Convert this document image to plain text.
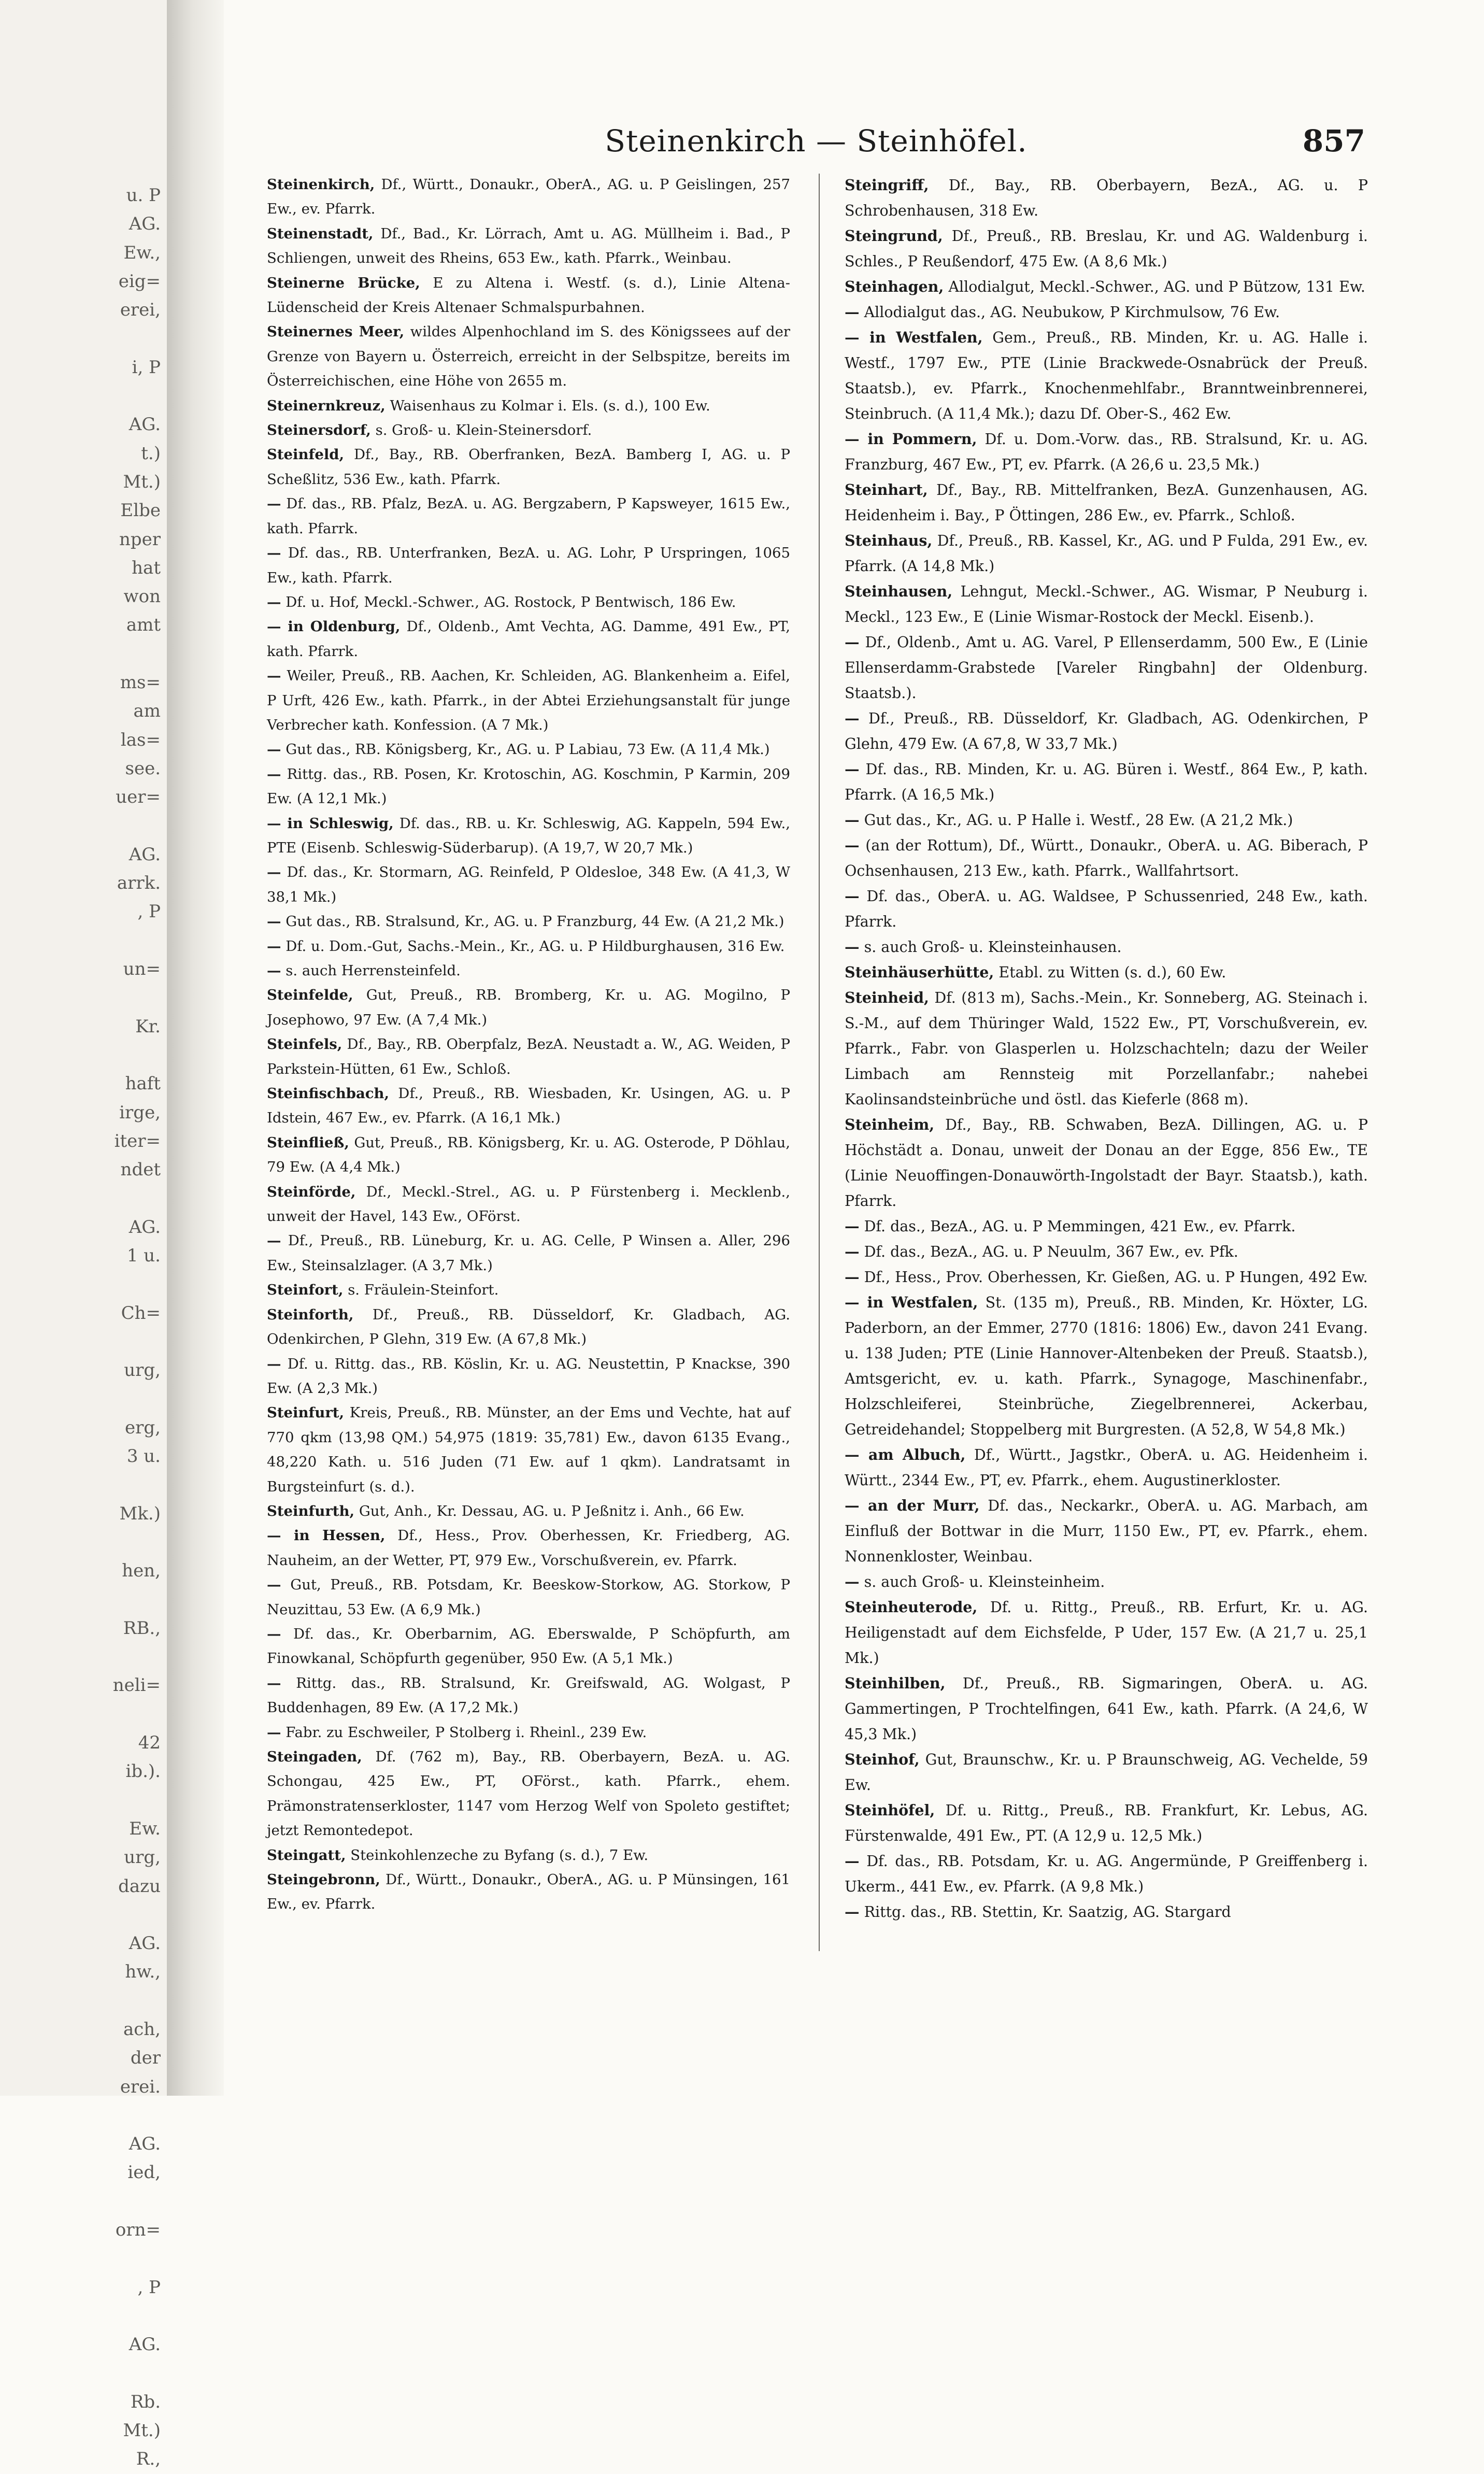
u. P
AG.
Ew.,
eig=
erei,
i, P
AG.
t.)
Mt.)
Elbe
nper
hat
won
amt
ms=
am
las=
see.
uer=
AG.
arrk.
, P
un=
Kr.
haft
irge,
iter=
ndet
AG.
1 u.
Ch=
urg,
erg,
3 u.
Mk.)
hen,
RB.,
neli=
42
ib.).
Ew.
urg,
dazu
AG.
hw.,
ach,
der
erei.
AG.
ied,
orn=
, P
AG.
Rb.
Mt.)
R.,
Steinenkirch — Steinhöfel.	857

Steinenkirch, Df., Württ., Donaukr., OberA., AG. u. P Geislingen, 257 Ew., ev. Pfarrk.

Steinenstadt, Df., Bad., Kr. Lörrach, Amt u. AG. Müllheim i. Bad., P Schliengen, unweit des Rheins, 653 Ew., kath. Pfarrk., Weinbau.

Steinerne Brücke, E zu Altena i. Westf. (s. d.), Linie Altena-Lüdenscheid der Kreis Altenaer Schmalspurbahnen.

Steinernes Meer, wildes Alpenhochland im S. des Königssees auf der Grenze von Bayern u. Österreich, erreicht in der Selbspitze, bereits im Österreichischen, eine Höhe von 2655 m.

Steinernkreuz, Waisenhaus zu Kolmar i. Els. (s. d.), 100 Ew.

Steinersdorf, s. Groß- u. Klein-Steinersdorf.

Steinfeld, Df., Bay., RB. Oberfranken, BezA. Bamberg I, AG. u. P Scheßlitz, 536 Ew., kath. Pfarrk.

— Df. das., RB. Pfalz, BezA. u. AG. Bergzabern, P Kapsweyer, 1615 Ew., kath. Pfarrk.

— Df. das., RB. Unterfranken, BezA. u. AG. Lohr, P Urspringen, 1065 Ew., kath. Pfarrk.

— Df. u. Hof, Meckl.-Schwer., AG. Rostock, P Bentwisch, 186 Ew.

— in Oldenburg, Df., Oldenb., Amt Vechta, AG. Damme, 491 Ew., PT, kath. Pfarrk.

— Weiler, Preuß., RB. Aachen, Kr. Schleiden, AG. Blankenheim a. Eifel, P Urft, 426 Ew., kath. Pfarrk., in der Abtei Erziehungsanstalt für junge Verbrecher kath. Konfession. (A 7 Mk.)

— Gut das., RB. Königsberg, Kr., AG. u. P Labiau, 73 Ew. (A 11,4 Mk.)

— Rittg. das., RB. Posen, Kr. Krotoschin, AG. Koschmin, P Karmin, 209 Ew. (A 12,1 Mk.)

— in Schleswig, Df. das., RB. u. Kr. Schleswig, AG. Kappeln, 594 Ew., PTE (Eisenb. Schleswig-Süderbarup). (A 19,7, W 20,7 Mk.)

— Df. das., Kr. Stormarn, AG. Reinfeld, P Oldesloe, 348 Ew. (A 41,3, W 38,1 Mk.)

— Gut das., RB. Stralsund, Kr., AG. u. P Franzburg, 44 Ew. (A 21,2 Mk.)

— Df. u. Dom.-Gut, Sachs.-Mein., Kr., AG. u. P Hildburghausen, 316 Ew.

— s. auch Herrensteinfeld.

Steinfelde, Gut, Preuß., RB. Bromberg, Kr. u. AG. Mogilno, P Josephowo, 97 Ew. (A 7,4 Mk.)

Steinfels, Df., Bay., RB. Oberpfalz, BezA. Neustadt a. W., AG. Weiden, P Parkstein-Hütten, 61 Ew., Schloß.

Steinfischbach, Df., Preuß., RB. Wiesbaden, Kr. Usingen, AG. u. P Idstein, 467 Ew., ev. Pfarrk. (A 16,1 Mk.)

Steinfließ, Gut, Preuß., RB. Königsberg, Kr. u. AG. Osterode, P Döhlau, 79 Ew. (A 4,4 Mk.)

Steinförde, Df., Meckl.-Strel., AG. u. P Fürstenberg i. Mecklenb., unweit der Havel, 143 Ew., OFörst.

— Df., Preuß., RB. Lüneburg, Kr. u. AG. Celle, P Winsen a. Aller, 296 Ew., Steinsalzlager. (A 3,7 Mk.)

Steinfort, s. Fräulein-Steinfort.

Steinforth, Df., Preuß., RB. Düsseldorf, Kr. Gladbach, AG. Odenkirchen, P Glehn, 319 Ew. (A 67,8 Mk.)

— Df. u. Rittg. das., RB. Köslin, Kr. u. AG. Neustettin, P Knackse, 390 Ew. (A 2,3 Mk.)

Steinfurt, Kreis, Preuß., RB. Münster, an der Ems und Vechte, hat auf 770 qkm (13,98 QM.) 54,975 (1819: 35,781) Ew., davon 6135 Evang., 48,220 Kath. u. 516 Juden (71 Ew. auf 1 qkm). Landratsamt in Burgsteinfurt (s. d.).

Steinfurth, Gut, Anh., Kr. Dessau, AG. u. P Jeßnitz i. Anh., 66 Ew.

— in Hessen, Df., Hess., Prov. Oberhessen, Kr. Friedberg, AG. Nauheim, an der Wetter, PT, 979 Ew., Vorschußverein, ev. Pfarrk.

— Gut, Preuß., RB. Potsdam, Kr. Beeskow-Storkow, AG. Storkow, P Neuzittau, 53 Ew. (A 6,9 Mk.)

— Df. das., Kr. Oberbarnim, AG. Eberswalde, P Schöpfurth, am Finowkanal, Schöpfurth gegenüber, 950 Ew. (A 5,1 Mk.)

— Rittg. das., RB. Stralsund, Kr. Greifswald, AG. Wolgast, P Buddenhagen, 89 Ew. (A 17,2 Mk.)

— Fabr. zu Eschweiler, P Stolberg i. Rheinl., 239 Ew.

Steingaden, Df. (762 m), Bay., RB. Oberbayern, BezA. u. AG. Schongau, 425 Ew., PT, OFörst., kath. Pfarrk., ehem. Prämonstratenserkloster, 1147 vom Herzog Welf von Spoleto gestiftet; jetzt Remontedepot.

Steingatt, Steinkohlenzeche zu Byfang (s. d.), 7 Ew.

Steingebronn, Df., Württ., Donaukr., OberA., AG. u. P Münsingen, 161 Ew., ev. Pfarrk.

Steingriff, Df., Bay., RB. Oberbayern, BezA., AG. u. P Schrobenhausen, 318 Ew.

Steingrund, Df., Preuß., RB. Breslau, Kr. und AG. Waldenburg i. Schles., P Reußendorf, 475 Ew. (A 8,6 Mk.)

Steinhagen, Allodialgut, Meckl.-Schwer., AG. und P Bützow, 131 Ew.

— Allodialgut das., AG. Neubukow, P Kirchmulsow, 76 Ew.

— in Westfalen, Gem., Preuß., RB. Minden, Kr. u. AG. Halle i. Westf., 1797 Ew., PTE (Linie Brackwede-Osnabrück der Preuß. Staatsb.), ev. Pfarrk., Knochenmehlfabr., Branntweinbrennerei, Steinbruch. (A 11,4 Mk.); dazu Df. Ober-S., 462 Ew.

— in Pommern, Df. u. Dom.-Vorw. das., RB. Stralsund, Kr. u. AG. Franzburg, 467 Ew., PT, ev. Pfarrk. (A 26,6 u. 23,5 Mk.)

Steinhart, Df., Bay., RB. Mittelfranken, BezA. Gunzenhausen, AG. Heidenheim i. Bay., P Öttingen, 286 Ew., ev. Pfarrk., Schloß.

Steinhaus, Df., Preuß., RB. Kassel, Kr., AG. und P Fulda, 291 Ew., ev. Pfarrk. (A 14,8 Mk.)

Steinhausen, Lehngut, Meckl.-Schwer., AG. Wismar, P Neuburg i. Meckl., 123 Ew., E (Linie Wismar-Rostock der Meckl. Eisenb.).

— Df., Oldenb., Amt u. AG. Varel, P Ellenserdamm, 500 Ew., E (Linie Ellenserdamm-Grabstede [Vareler Ringbahn] der Oldenburg. Staatsb.).

— Df., Preuß., RB. Düsseldorf, Kr. Gladbach, AG. Odenkirchen, P Glehn, 479 Ew. (A 67,8, W 33,7 Mk.)

— Df. das., RB. Minden, Kr. u. AG. Büren i. Westf., 864 Ew., P, kath. Pfarrk. (A 16,5 Mk.)

— Gut das., Kr., AG. u. P Halle i. Westf., 28 Ew. (A 21,2 Mk.)

— (an der Rottum), Df., Württ., Donaukr., OberA. u. AG. Biberach, P Ochsenhausen, 213 Ew., kath. Pfarrk., Wallfahrtsort.

— Df. das., OberA. u. AG. Waldsee, P Schussenried, 248 Ew., kath. Pfarrk.

— s. auch Groß- u. Kleinsteinhausen.

Steinhäuserhütte, Etabl. zu Witten (s. d.), 60 Ew.

Steinheid, Df. (813 m), Sachs.-Mein., Kr. Sonneberg, AG. Steinach i. S.-M., auf dem Thüringer Wald, 1522 Ew., PT, Vorschußverein, ev. Pfarrk., Fabr. von Glasperlen u. Holzschachteln; dazu der Weiler Limbach am Rennsteig mit Porzellanfabr.; nahebei Kaolinsandsteinbrüche und östl. das Kieferle (868 m).

Steinheim, Df., Bay., RB. Schwaben, BezA. Dillingen, AG. u. P Höchstädt a. Donau, unweit der Donau an der Egge, 856 Ew., TE (Linie Neuoffingen-Donauwörth-Ingolstadt der Bayr. Staatsb.), kath. Pfarrk.

— Df. das., BezA., AG. u. P Memmingen, 421 Ew., ev. Pfarrk.

— Df. das., BezA., AG. u. P Neuulm, 367 Ew., ev. Pfk.

— Df., Hess., Prov. Oberhessen, Kr. Gießen, AG. u. P Hungen, 492 Ew.

— in Westfalen, St. (135 m), Preuß., RB. Minden, Kr. Höxter, LG. Paderborn, an der Emmer, 2770 (1816: 1806) Ew., davon 241 Evang. u. 138 Juden; PTE (Linie Hannover-Altenbeken der Preuß. Staatsb.), Amtsgericht, ev. u. kath. Pfarrk., Synagoge, Maschinenfabr., Holzschleiferei, Steinbrüche, Ziegelbrennerei, Ackerbau, Getreidehandel; Stoppelberg mit Burgresten. (A 52,8, W 54,8 Mk.)

— am Albuch, Df., Württ., Jagstkr., OberA. u. AG. Heidenheim i. Württ., 2344 Ew., PT, ev. Pfarrk., ehem. Augustinerkloster.

— an der Murr, Df. das., Neckarkr., OberA. u. AG. Marbach, am Einfluß der Bottwar in die Murr, 1150 Ew., PT, ev. Pfarrk., ehem. Nonnenkloster, Weinbau.

— s. auch Groß- u. Kleinsteinheim.

Steinheuterode, Df. u. Rittg., Preuß., RB. Erfurt, Kr. u. AG. Heiligenstadt auf dem Eichsfelde, P Uder, 157 Ew. (A 21,7 u. 25,1 Mk.)

Steinhilben, Df., Preuß., RB. Sigmaringen, OberA. u. AG. Gammertingen, P Trochtelfingen, 641 Ew., kath. Pfarrk. (A 24,6, W 45,3 Mk.)

Steinhof, Gut, Braunschw., Kr. u. P Braunschweig, AG. Vechelde, 59 Ew.

Steinhöfel, Df. u. Rittg., Preuß., RB. Frankfurt, Kr. Lebus, AG. Fürstenwalde, 491 Ew., PT. (A 12,9 u. 12,5 Mk.)

— Df. das., RB. Potsdam, Kr. u. AG. Angermünde, P Greiffenberg i. Ukerm., 441 Ew., ev. Pfarrk. (A 9,8 Mk.)

— Rittg. das., RB. Stettin, Kr. Saatzig, AG. Stargard
